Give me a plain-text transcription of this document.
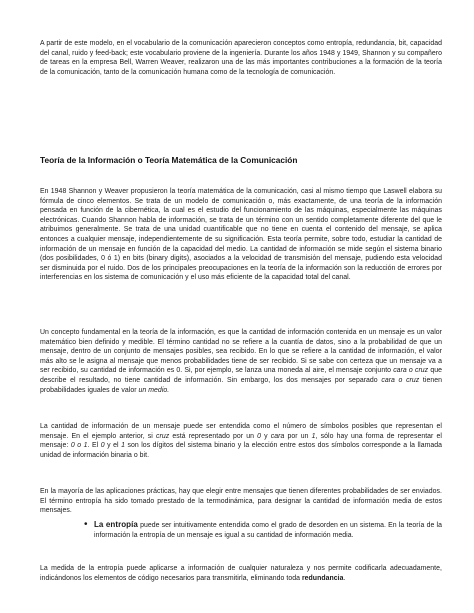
A partir de este modelo, en el vocabulario de la comunicación aparecieron conceptos como entropía, redundancia, bit, capacidad del canal, ruido y feed-back; este vocabulario proviene de la ingeniería. Durante los años 1948 y 1949, Shannon y su compañero de tareas en la empresa Bell, Warren Weaver, realizaron una de las más importantes contribuciones a la formación de la teoría de la comunicación, tanto de la comunicación humana como de la tecnología de comunicación.

Teoría de la Información o Teoría Matemática de la Comunicación

En 1948 Shannon y Weaver propusieron la teoría matemática de la comunicación, casi al mismo tiempo que Laswell elabora su fórmula de cinco elementos. Se trata de un modelo de comunicación o, más exactamente, de una teoría de la información pensada en función de la cibernética, la cual es el estudio del funcionamiento de las máquinas, especialmente las máquinas electrónicas. Cuando Shannon habla de información, se trata de un término con un sentido completamente diferente del que le atribuimos generalmente. Se trata de una unidad cuantificable que no tiene en cuenta el contenido del mensaje, se aplica entonces a cualquier mensaje, independientemente de su significación. Esta teoría permite, sobre todo, estudiar la cantidad de información de un mensaje en función de la capacidad del medio. La cantidad de información se mide según el sistema binario (dos posibilidades, 0 ó 1) en bits (binary digits), asociados a la velocidad de transmisión del mensaje, pudiendo esta velocidad ser disminuida por el ruido. Dos de los principales preocupaciones en la teoría de la información son la reducción de errores por interferencias en los sistema de comunicación y el uso más eficiente de la capacidad total del canal.

Un concepto fundamental en la teoría de la información, es que la cantidad de información contenida en un mensaje es un valor matemático bien definido y medible. El término cantidad no se refiere a la cuantía de datos, sino a la probabilidad de que un mensaje, dentro de un conjunto de mensajes posibles, sea recibido. En lo que se refiere a la cantidad de información, el valor más alto se le asigna al mensaje que menos probabilidades tiene de ser recibido. Si se sabe con certeza que un mensaje va a ser recibido, su cantidad de información es 0. Si, por ejemplo, se lanza una moneda al aire, el mensaje conjunto cara o cruz que describe el resultado, no tiene cantidad de información. Sin embargo, los dos mensajes por separado cara o cruz tienen probabilidades iguales de valor un medio.

La cantidad de información de un mensaje puede ser entendida como el número de símbolos posibles que representan el mensaje. En el ejemplo anterior, si cruz está representado por un 0 y cara por un 1, sólo hay una forma de representar el mensaje: 0 o 1. El 0 y el 1 son los dígitos del sistema binario y la elección entre estos dos símbolos corresponde a la llamada unidad de información binaria o bit.

En la mayoría de las aplicaciones prácticas, hay que elegir entre mensajes que tienen diferentes probabilidades de ser enviados. El término entropía ha sido tomado prestado de la termodinámica, para designar la cantidad de información media de estos mensajes.

• La entropía puede ser intuitivamente entendida como el grado de desorden en un sistema. En la teoría de la información la entropía de un mensaje es igual a su cantidad de información media.

La medida de la entropía puede aplicarse a información de cualquier naturaleza y nos permite codificarla adecuadamente, indicándonos los elementos de código necesarios para transmitirla, eliminando toda redundancia.
